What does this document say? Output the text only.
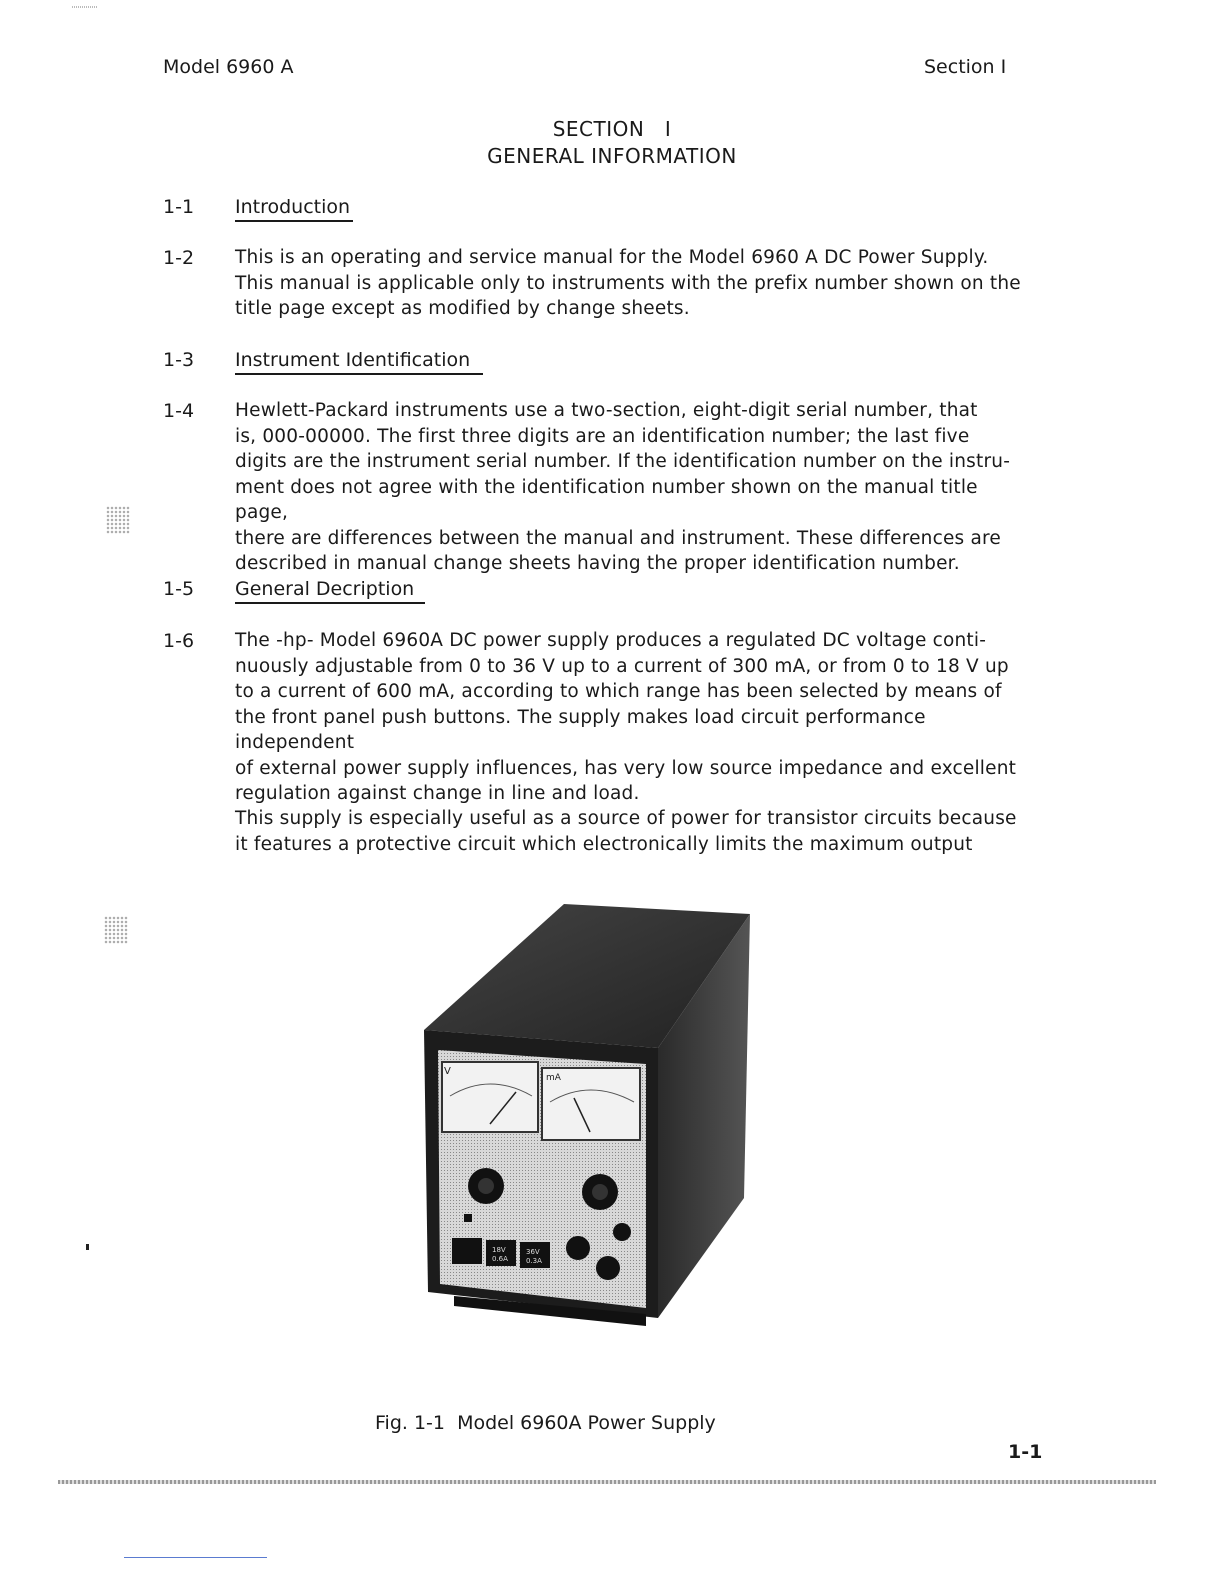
Model 6960 A	Section I
SECTION   I
GENERAL INFORMATION
1-1 Introduction
1-2 This is an operating and service manual for the Model 6960 A DC Power Supply.
This manual is applicable only to instruments with the prefix number shown on the
title page except as modified by change sheets.
1-3 Instrument Identification
1-4 Hewlett-Packard instruments use a two-section, eight-digit serial number, that
is, 000-00000. The first three digits are an identification number; the last five
digits are the instrument serial number. If the identification number on the instru-
ment does not agree with the identification number shown on the manual title page,
there are differences between the manual and instrument. These differences are
described in manual change sheets having the proper identification number.
1-5 General Decription
1-6 The -hp- Model 6960A DC power supply produces a regulated DC voltage conti-
nuously adjustable from 0 to 36 V up to a current of 300 mA, or from 0 to 18 V up
to a current of 600 mA, according to which range has been selected by means of
the front panel push buttons. The supply makes load circuit performance independent
of external power supply influences, has very low source impedance and excellent
regulation against change in line and load.
This supply is especially useful as a source of power for transistor circuits because
it features a protective circuit which electronically limits the maximum output
V
mA
18V
0.6A
36V
0.3A
Fig. 1-1  Model 6960A Power Supply
1-1
